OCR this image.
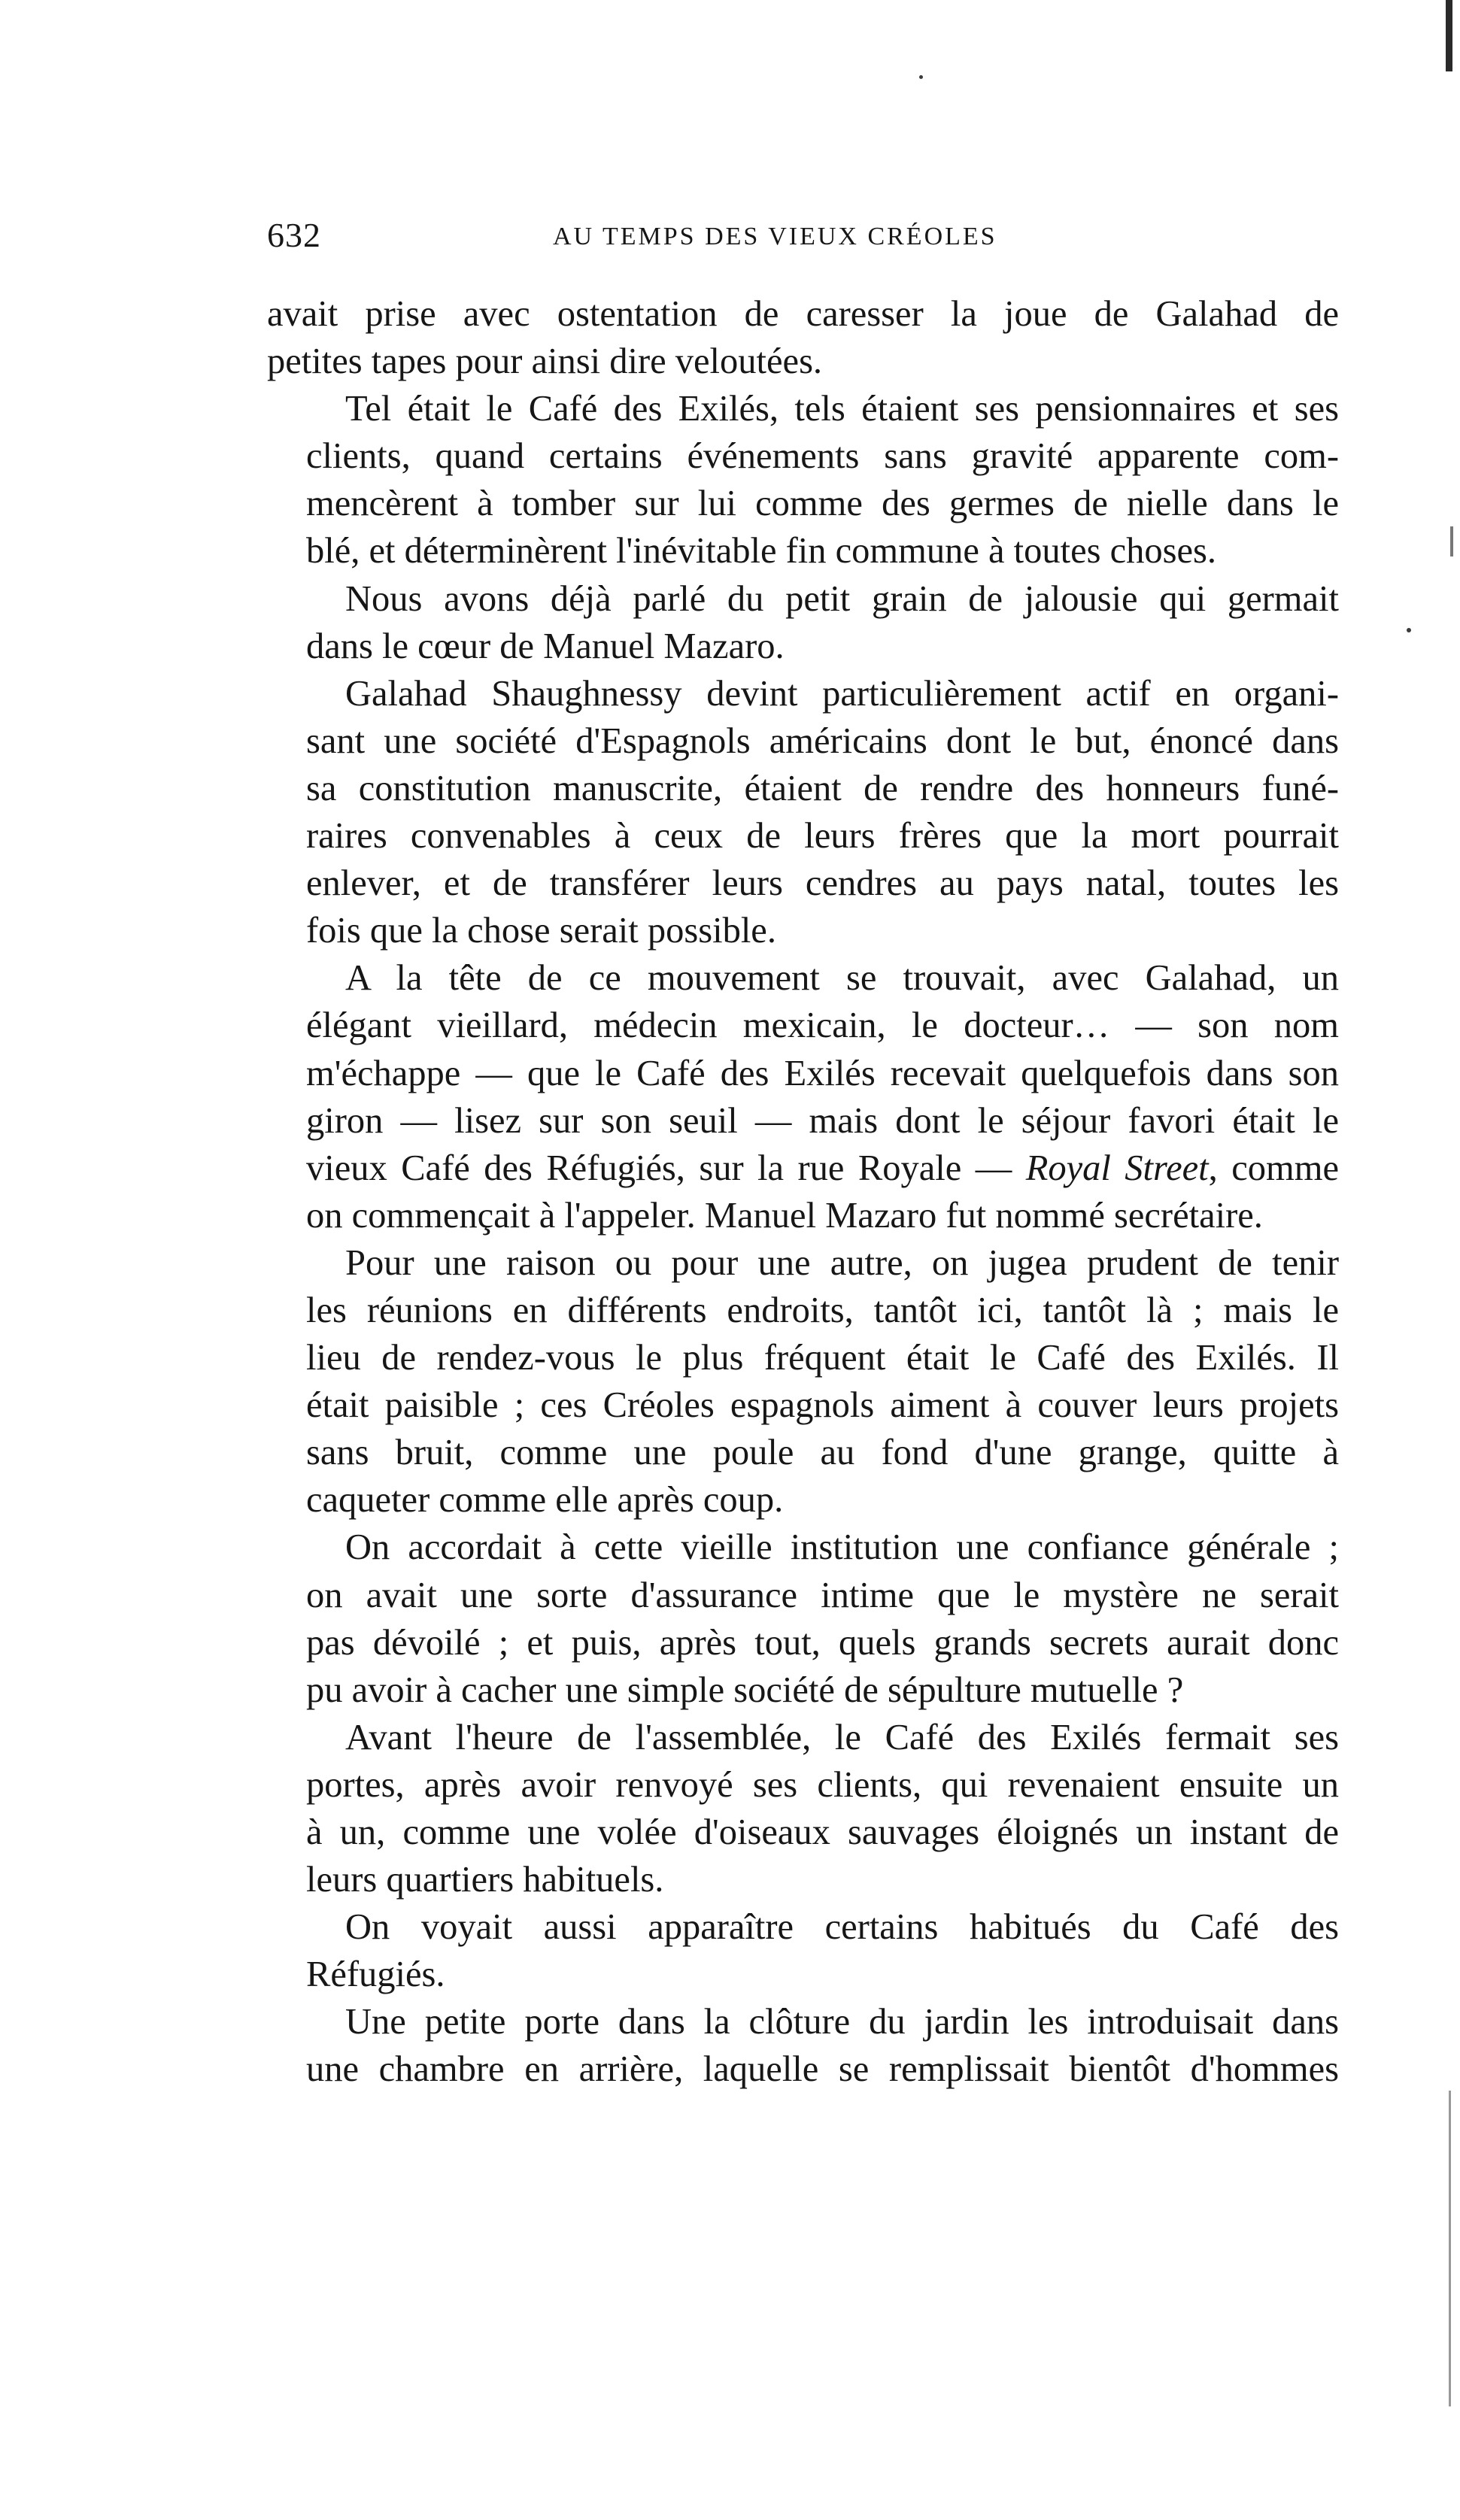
632	AU TEMPS DES VIEUX CRÉOLES
avait prise avec ostentation de caresser la joue de Galahad de
petites tapes pour ainsi dire veloutées.
Tel était le Café des Exilés, tels étaient ses pensionnaires et ses
clients, quand certains événements sans gravité apparente com-
mencèrent à tomber sur lui comme des germes de nielle dans le
blé, et déterminèrent l'inévitable fin commune à toutes choses.
Nous avons déjà parlé du petit grain de jalousie qui germait
dans le cœur de Manuel Mazaro.
Galahad Shaughnessy devint particulièrement actif en organi-
sant une société d'Espagnols américains dont le but, énoncé dans
sa constitution manuscrite, étaient de rendre des honneurs funé-
raires convenables à ceux de leurs frères que la mort pourrait
enlever, et de transférer leurs cendres au pays natal, toutes les
fois que la chose serait possible.
A la tête de ce mouvement se trouvait, avec Galahad, un
élégant vieillard, médecin mexicain, le docteur… — son nom
m'échappe — que le Café des Exilés recevait quelquefois dans son
giron — lisez sur son seuil — mais dont le séjour favori était le
vieux Café des Réfugiés, sur la rue Royale — Royal Street, comme
on commençait à l'appeler. Manuel Mazaro fut nommé secrétaire.
Pour une raison ou pour une autre, on jugea prudent de tenir
les réunions en différents endroits, tantôt ici, tantôt là ; mais le
lieu de rendez-vous le plus fréquent était le Café des Exilés. Il
était paisible ; ces Créoles espagnols aiment à couver leurs projets
sans bruit, comme une poule au fond d'une grange, quitte à
caqueter comme elle après coup.
On accordait à cette vieille institution une confiance générale ;
on avait une sorte d'assurance intime que le mystère ne serait
pas dévoilé ; et puis, après tout, quels grands secrets aurait donc
pu avoir à cacher une simple société de sépulture mutuelle ?
Avant l'heure de l'assemblée, le Café des Exilés fermait ses
portes, après avoir renvoyé ses clients, qui revenaient ensuite un
à un, comme une volée d'oiseaux sauvages éloignés un instant de
leurs quartiers habituels.
On voyait aussi apparaître certains habitués du Café des
Réfugiés.
Une petite porte dans la clôture du jardin les introduisait dans
une chambre en arrière, laquelle se remplissait bientôt d'hommes
